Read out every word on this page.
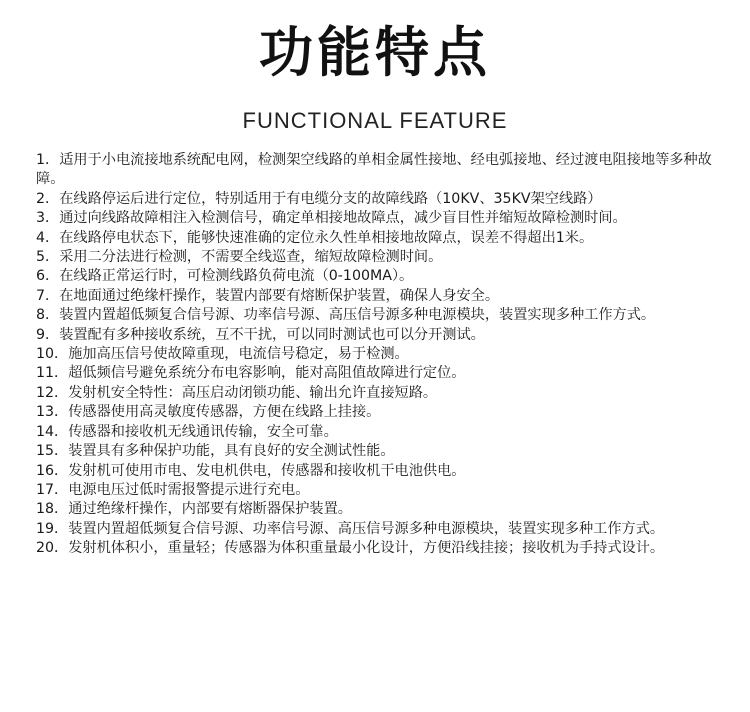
功能特点
FUNCTIONAL FEATURE
1．适用于小电流接地系统配电网，检测架空线路的单相金属性接地、经电弧接地、经过渡电阻接地等多种故障。
2．在线路停运后进行定位，特别适用于有电缆分支的故障线路（10KV、35KV架空线路）
3．通过向线路故障相注入检测信号，确定单相接地故障点，减少盲目性并缩短故障检测时间。
4．在线路停电状态下，能够快速准确的定位永久性单相接地故障点，误差不得超出1米。
5．采用二分法进行检测，不需要全线巡查，缩短故障检测时间。
6．在线路正常运行时，可检测线路负荷电流（0-100MA）。
7．在地面通过绝缘杆操作，装置内部要有熔断保护装置，确保人身安全。
8．装置内置超低频复合信号源、功率信号源、高压信号源多种电源模块，装置实现多种工作方式。
9．装置配有多种接收系统，互不干扰，可以同时测试也可以分开测试。
10．施加高压信号使故障重现，电流信号稳定，易于检测。
11．超低频信号避免系统分布电容影响，能对高阻值故障进行定位。
12．发射机安全特性：高压启动闭锁功能、输出允许直接短路。
13．传感器使用高灵敏度传感器，方便在线路上挂接。
14．传感器和接收机无线通讯传输，安全可靠。
15．装置具有多种保护功能，具有良好的安全测试性能。
16．发射机可使用市电、发电机供电，传感器和接收机干电池供电。
17．电源电压过低时需报警提示进行充电。
18．通过绝缘杆操作，内部要有熔断器保护装置。
19．装置内置超低频复合信号源、功率信号源、高压信号源多种电源模块，装置实现多种工作方式。
20．发射机体积小，重量轻；传感器为体积重量最小化设计，方便沿线挂接；接收机为手持式设计。
